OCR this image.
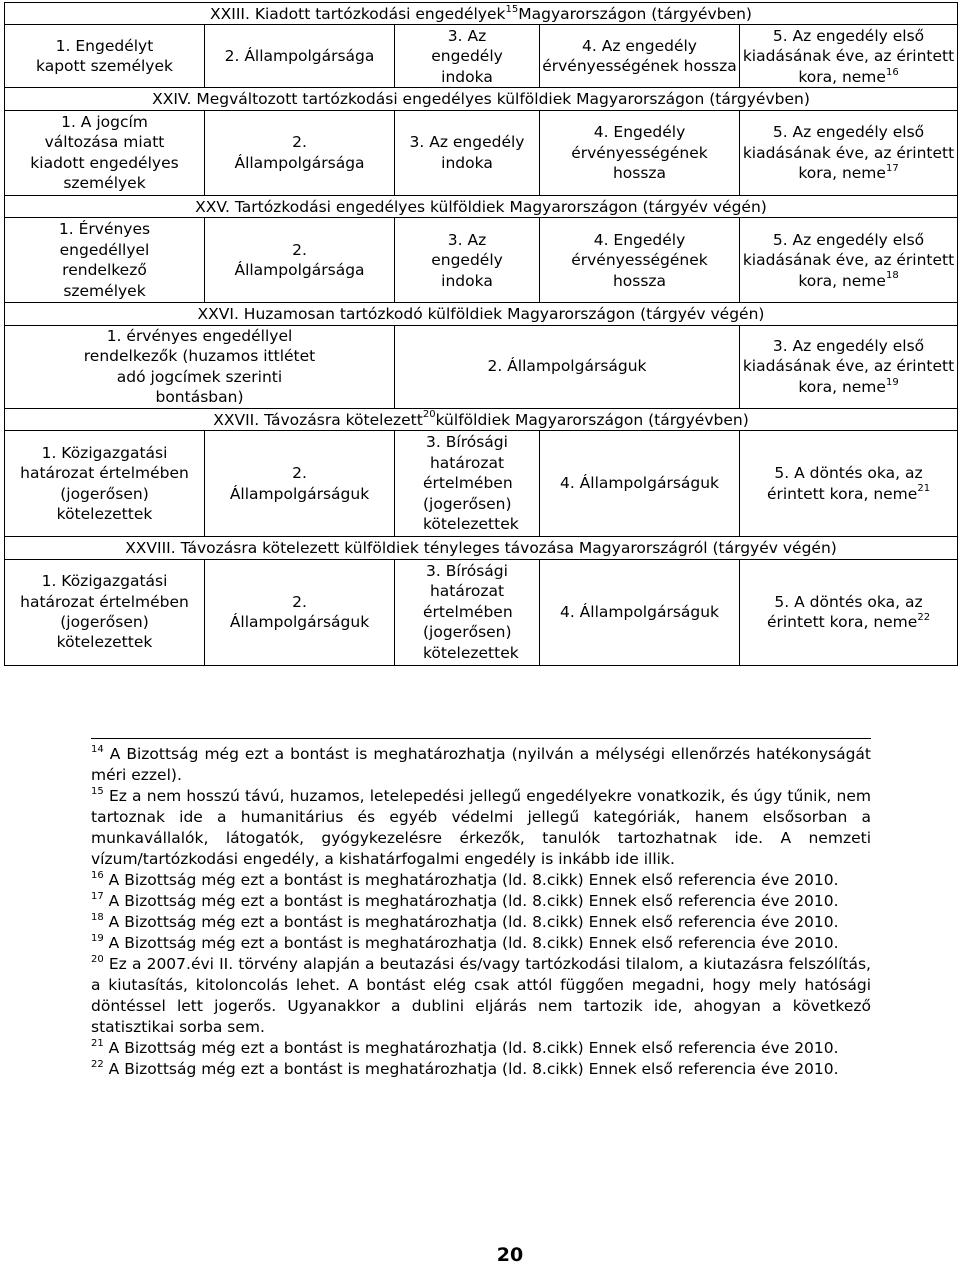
XXIII. Kiadott tartózkodási engedélyek$^{15}$Magyarországon (tárgyévben)				
1. Engedélyt kapott személyek	2. Állampolgársága	3. Az engedély indoka	4. Az engedély érvényességének hossza	5. Az engedély első kiadásának éve, az érintett kora, neme$^{16}$
XXIV. Megváltozott tartózkodási engedélyes külföldiek Magyarországon (tárgyévben)				
1. A jogcím változása miatt kiadott engedélyes személyek	2. Állampolgársága	3. Az engedély indoka	4. Engedély érvényességének hossza	5. Az engedély első kiadásának éve, az érintett kora, neme$^{17}$
XXV. Tartózkodási engedélyes külföldiek Magyarországon (tárgyév végén)				
1. Érvényes engedéllyel rendelkező személyek	2. Állampolgársága	3. Az engedély indoka	4. Engedély érvényességének hossza	5. Az engedély első kiadásának éve, az érintett kora, neme$^{18}$
XXVI. Huzamosan tartózkodó külföldiek Magyarországon (tárgyév végén)				
1. érvényes engedéllyel rendelkezők (huzamos ittlétet adó jogcímek szerinti bontásban)		2. Állampolgárságuk		3. Az engedély első kiadásának éve, az érintett kora, neme$^{19}$
XXVII. Távozásra kötelezett$^{20}$külföldiek Magyarországon (tárgyévben)				
1. Közigazgatási határozat értelmében (jogerősen) kötelezettek	2. Állampolgárságuk	3. Bírósági határozat értelmében (jogerősen) kötelezettek	4. Állampolgárságuk	5. A döntés oka, az érintett kora, neme$^{21}$
XXVIII. Távozásra kötelezett külföldiek tényleges távozása Magyarországról (tárgyév végén)				
1. Közigazgatási határozat értelmében (jogerősen) kötelezettek	2. Állampolgárságuk	3. Bírósági határozat értelmében (jogerősen) kötelezettek	4. Állampolgárságuk	5. A döntés oka, az érintett kora, neme$^{22}$

$^{14}$ A Bizottság még ezt a bontást is meghatározhatja (nyilván a mélységi ellenőrzés hatékonyságát méri ezzel).

$^{15}$ Ez a nem hosszú távú, huzamos, letelepedési jellegű engedélyekre vonatkozik, és úgy tűnik, nem tartoznak ide a humanitárius és egyéb védelmi jellegű kategóriák, hanem elsősorban a munkavállalók, látogatók, gyógykezelésre érkezők, tanulók tartozhatnak ide. A nemzeti vízum/tartózkodási engedély, a kishatárfogalmi engedély is inkább ide illik.

$^{16}$ A Bizottság még ezt a bontást is meghatározhatja (ld. 8.cikk) Ennek első referencia éve 2010.

$^{17}$ A Bizottság még ezt a bontást is meghatározhatja (ld. 8.cikk) Ennek első referencia éve 2010.

$^{18}$ A Bizottság még ezt a bontást is meghatározhatja (ld. 8.cikk) Ennek első referencia éve 2010.

$^{19}$ A Bizottság még ezt a bontást is meghatározhatja (ld. 8.cikk) Ennek első referencia éve 2010.

$^{20}$ Ez a 2007.évi II. törvény alapján a beutazási és/vagy tartózkodási tilalom, a kiutazásra felszólítás, a kiutasítás, kitoloncolás lehet. A bontást elég csak attól függően megadni, hogy mely hatósági döntéssel lett jogerős. Ugyanakkor a dublini eljárás nem tartozik ide, ahogyan a következő statisztikai sorba sem.

$^{21}$ A Bizottság még ezt a bontást is meghatározhatja (ld. 8.cikk) Ennek első referencia éve 2010.

$^{22}$ A Bizottság még ezt a bontást is meghatározhatja (ld. 8.cikk) Ennek első referencia éve 2010.

20
